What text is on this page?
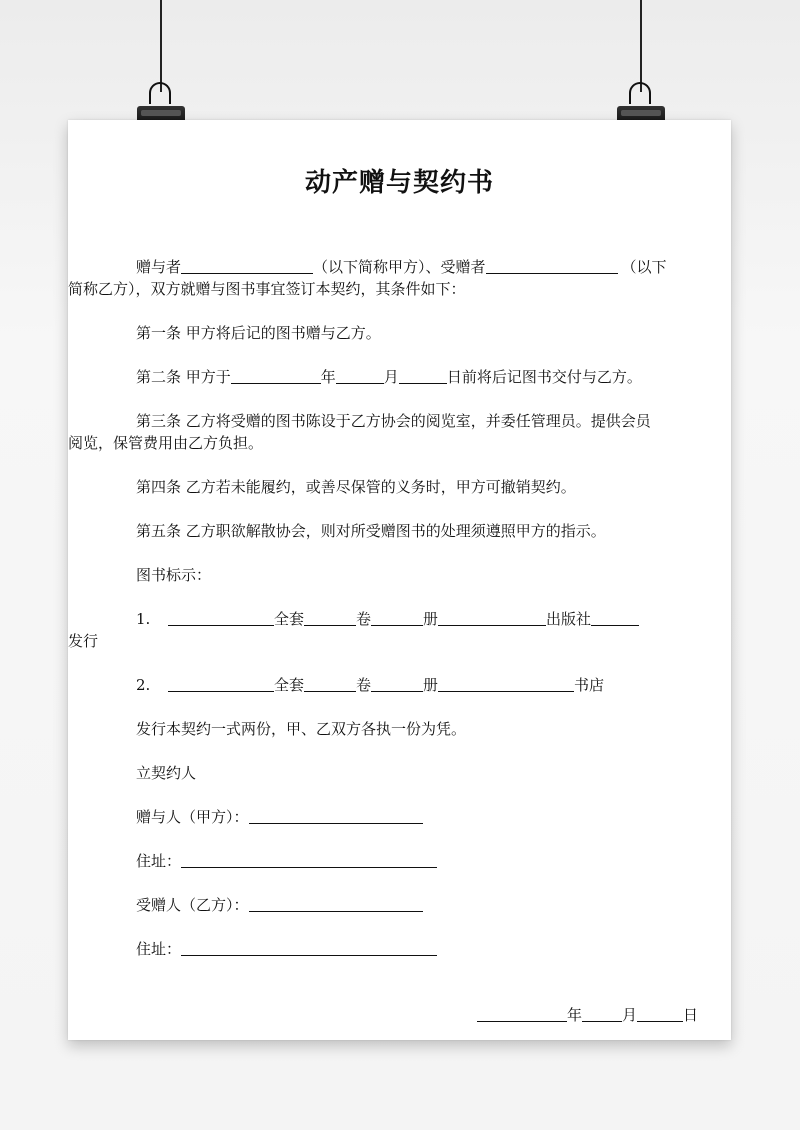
动产赠与契约书
赠与者	（以下简称甲方）、受赠者	（以下
简称乙方），双方就赠与图书事宜签订本契约，其条件如下：
第一条 甲方将后记的图书赠与乙方。
第二条 甲方于	年	月	日前将后记图书交付与乙方。
第三条 乙方将受赠的图书陈设于乙方协会的阅览室，并委任管理员。提供会员
阅览，保管费用由乙方负担。
第四条 乙方若未能履约，或善尽保管的义务时，甲方可撤销契约。
第五条 乙方职欲解散协会，则对所受赠图书的处理须遵照甲方的指示。
图书标示：
1.	全套	卷	册	出版社
发行
2.	全套	卷	册	书店
发行本契约一式两份，甲、乙双方各执一份为凭。
立契约人
赠与人（甲方）：
住址：
受赠人（乙方）：
住址：
年	月	日
